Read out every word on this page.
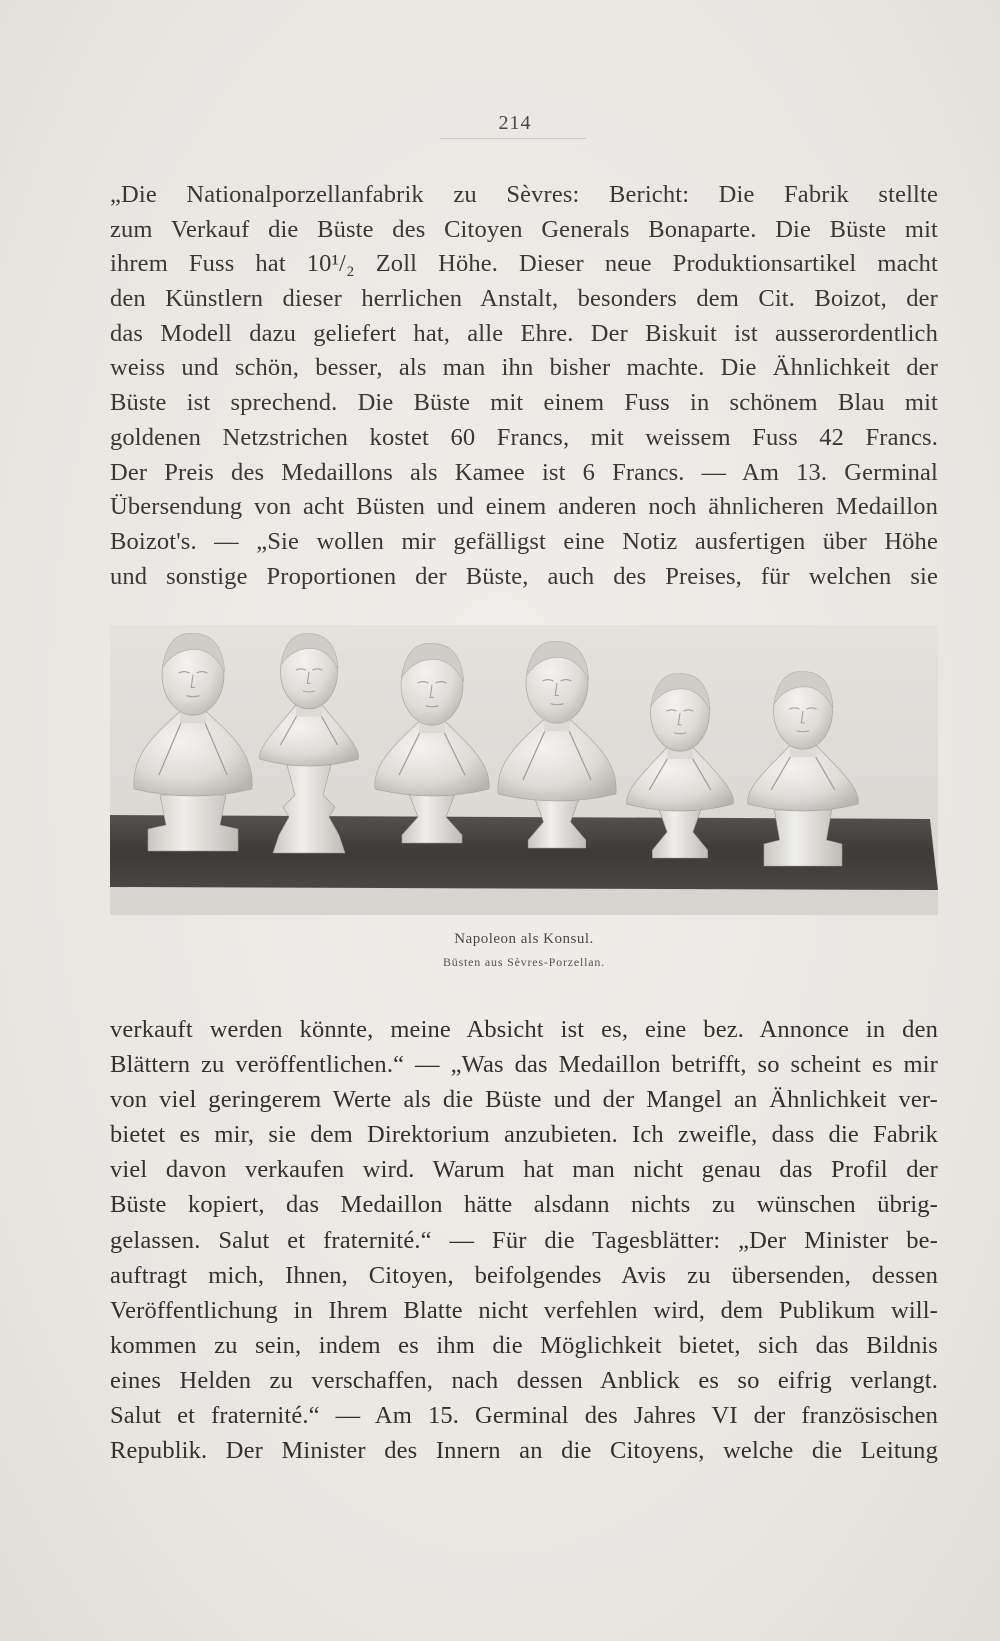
214
„Die Nationalporzellanfabrik zu Sèvres: Bericht: Die Fabrik stellte
zum Verkauf die Büste des Citoyen Generals Bonaparte. Die Büste mit
ihrem Fuss hat 10¹/₂ Zoll Höhe. Dieser neue Produktionsartikel macht
den Künstlern dieser herrlichen Anstalt, besonders dem Cit. Boizot, der
das Modell dazu geliefert hat, alle Ehre. Der Biskuit ist ausserordentlich
weiss und schön, besser, als man ihn bisher machte. Die Ähnlichkeit der
Büste ist sprechend. Die Büste mit einem Fuss in schönem Blau mit
goldenen Netzstrichen kostet 60 Francs, mit weissem Fuss 42 Francs.
Der Preis des Medaillons als Kamee ist 6 Francs. — Am 13. Germinal
Übersendung von acht Büsten und einem anderen noch ähnlicheren Medaillon
Boizot's. — „Sie wollen mir gefälligst eine Notiz ausfertigen über Höhe
und sonstige Proportionen der Büste, auch des Preises, für welchen sie
Napoleon als Konsul.
Büsten aus Sèvres-Porzellan.
verkauft werden könnte, meine Absicht ist es, eine bez. Annonce in den
Blättern zu veröffentlichen.“ — „Was das Medaillon betrifft, so scheint es mir
von viel geringerem Werte als die Büste und der Mangel an Ähnlichkeit ver-
bietet es mir, sie dem Direktorium anzubieten. Ich zweifle, dass die Fabrik
viel davon verkaufen wird. Warum hat man nicht genau das Profil der
Büste kopiert, das Medaillon hätte alsdann nichts zu wünschen übrig-
gelassen. Salut et fraternité.“ — Für die Tagesblätter: „Der Minister be-
auftragt mich, Ihnen, Citoyen, beifolgendes Avis zu übersenden, dessen
Veröffentlichung in Ihrem Blatte nicht verfehlen wird, dem Publikum will-
kommen zu sein, indem es ihm die Möglichkeit bietet, sich das Bildnis
eines Helden zu verschaffen, nach dessen Anblick es so eifrig verlangt.
Salut et fraternité.“ — Am 15. Germinal des Jahres VI der französischen
Republik. Der Minister des Innern an die Citoyens, welche die Leitung
